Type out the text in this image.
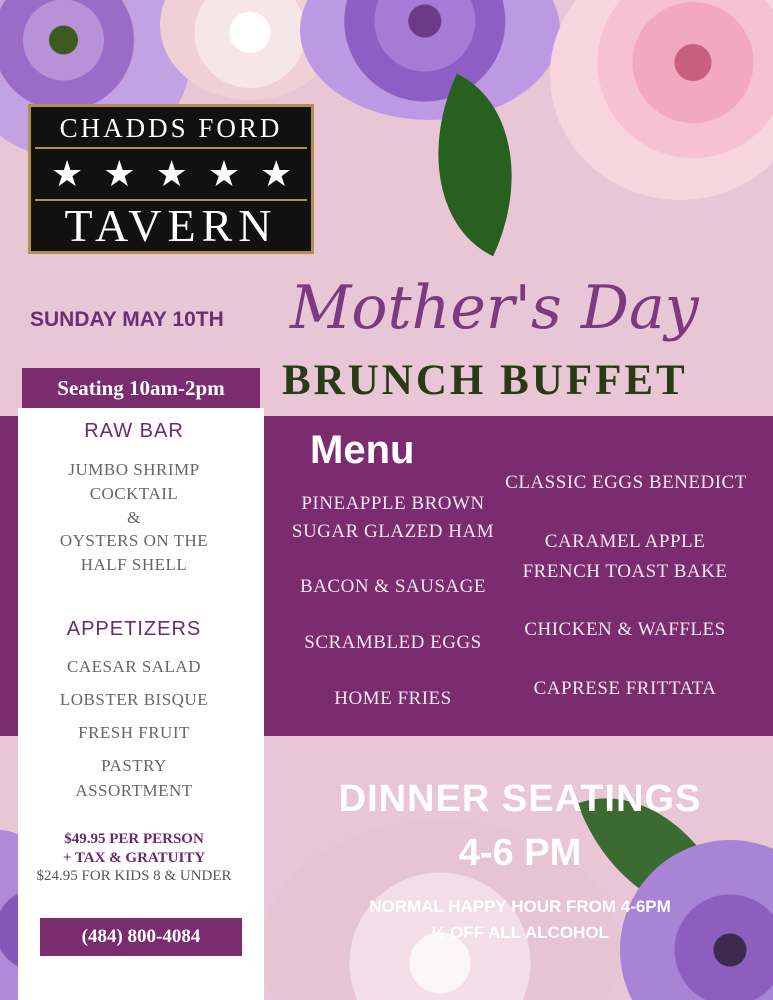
CHADDS FORD
★★★★★
TAVERN
SUNDAY MAY 10TH Mother's Day
BRUNCH BUFFET
Seating 10am-2pm
RAW BAR
JUMBO SHRIMP
COCKTAIL
&
OYSTERS ON THE
HALF SHELL
APPETIZERS
CAESAR SALAD
LOBSTER BISQUE
FRESH FRUIT
PASTRY
ASSORTMENT
$49.95 PER PERSON
+ TAX & GRATUITY
$24.95 FOR KIDS 8 & UNDER
(484) 800-4084
Menu
PINEAPPLE BROWN
SUGAR GLAZED HAM
BACON & SAUSAGE
SCRAMBLED EGGS
HOME FRIES
CLASSIC EGGS BENEDICT
CARAMEL APPLE
FRENCH TOAST BAKE
CHICKEN & WAFFLES
CAPRESE FRITTATA
DINNER SEATINGS
4-6 PM
NORMAL HAPPY HOUR FROM 4-6PM
½ OFF ALL ALCOHOL
